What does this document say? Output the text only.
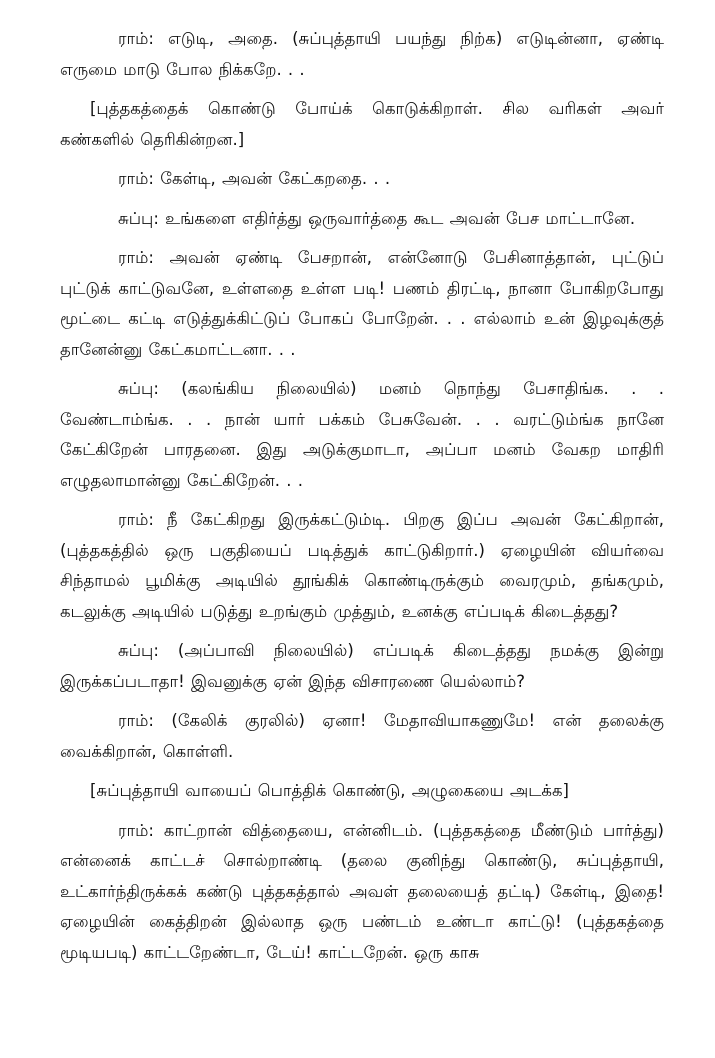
ராம்: எடுடி, அதை. (சுப்புத்தாயி பயந்து நிற்க) எடுடின்னா, ஏண்டி எருமை மாடு போல நிக்கறே. . .

[புத்தகத்தைக் கொண்டு போய்க் கொடுக்கிறாள். சில வரிகள் அவர் கண்களில் தெரிகின்றன.]

ராம்: கேள்டி, அவன் கேட்கறதை. . .

சுப்பு: உங்களை எதிர்த்து ஒருவார்த்தை கூட அவன் பேச மாட்டானே.

ராம்: அவன் ஏண்டி பேசறான், என்னோடு பேசினாத்தான், புட்டுப் புட்டுக் காட்டுவனே, உள்ளதை உள்ள படி! பணம் திரட்டி, நானா போகிறபோது மூட்டை கட்டி எடுத்துக்கிட்டுப் போகப் போறேன். . . எல்லாம் உன் இழவுக்குத் தானேன்னு கேட்கமாட்டனா. . .

சுப்பு: (கலங்கிய நிலையில்) மனம் நொந்து பேசாதிங்க. . . வேண்டாம்ங்க. . . நான் யார் பக்கம் பேசுவேன். . . வரட்டும்ங்க நானே கேட்கிறேன் பாரதனை. இது அடுக்குமாடா, அப்பா மனம் வேகற மாதிரி எழுதலாமான்னு கேட்கிறேன். . .

ராம்: நீ கேட்கிறது இருக்கட்டும்டி. பிறகு இப்ப அவன் கேட்கிறான், (புத்தகத்தில் ஒரு பகுதியைப் படித்துக் காட்டுகிறார்.) ஏழையின் வியர்வை சிந்தாமல் பூமிக்கு அடியில் தூங்கிக் கொண்டிருக்கும் வைரமும், தங்கமும், கடலுக்கு அடியில் படுத்து உறங்கும் முத்தும், உனக்கு எப்படிக் கிடைத்தது?

சுப்பு: (அப்பாவி நிலையில்) எப்படிக் கிடைத்தது நமக்கு இன்று இருக்கப்படாதா! இவனுக்கு ஏன் இந்த விசாரணை யெல்லாம்?

ராம்: (கேலிக் குரலில்) ஏனா! மேதாவியாகணுமே! என் தலைக்கு வைக்கிறான், கொள்ளி.

[சுப்புத்தாயி வாயைப் பொத்திக் கொண்டு, அழுகையை அடக்க]

ராம்: காட்றான் வித்தையை, என்னிடம். (புத்தகத்தை மீண்டும் பார்த்து) என்னைக் காட்டச் சொல்றாண்டி (தலை குனிந்து கொண்டு, சுப்புத்தாயி, உட்கார்ந்திருக்கக் கண்டு புத்தகத்தால் அவள் தலையைத் தட்டி) கேள்டி, இதை! ஏழையின் கைத்திறன் இல்லாத ஒரு பண்டம் உண்டா காட்டு! (புத்தகத்தை மூடியபடி) காட்டறேண்டா, டேய்! காட்டறேன். ஒரு காசு
